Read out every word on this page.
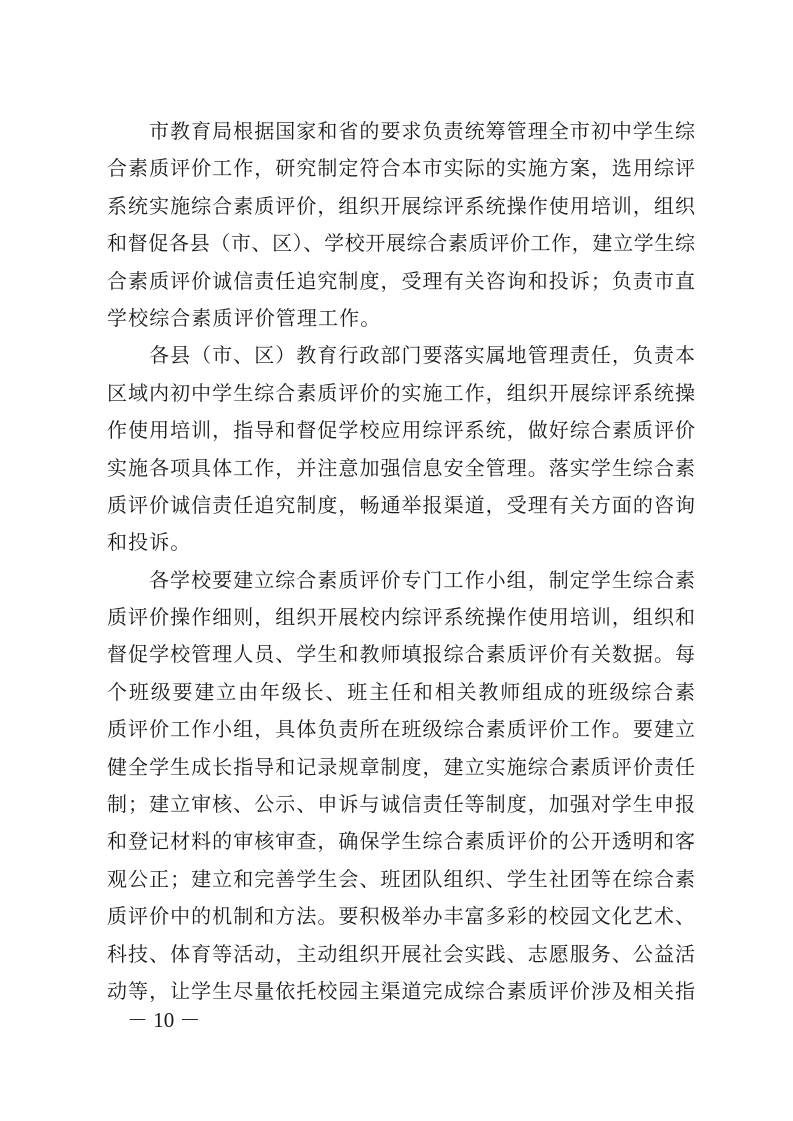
市教育局根据国家和省的要求负责统筹管理全市初中学生综
合素质评价工作，研究制定符合本市实际的实施方案，选用综评
系统实施综合素质评价，组织开展综评系统操作使用培训，组织
和督促各县（市、区）、学校开展综合素质评价工作，建立学生综
合素质评价诚信责任追究制度，受理有关咨询和投诉；负责市直
学校综合素质评价管理工作。
各县（市、区）教育行政部门要落实属地管理责任，负责本
区域内初中学生综合素质评价的实施工作，组织开展综评系统操
作使用培训，指导和督促学校应用综评系统，做好综合素质评价
实施各项具体工作，并注意加强信息安全管理。落实学生综合素
质评价诚信责任追究制度，畅通举报渠道，受理有关方面的咨询
和投诉。
各学校要建立综合素质评价专门工作小组，制定学生综合素
质评价操作细则，组织开展校内综评系统操作使用培训，组织和
督促学校管理人员、学生和教师填报综合素质评价有关数据。每
个班级要建立由年级长、班主任和相关教师组成的班级综合素
质评价工作小组，具体负责所在班级综合素质评价工作。要建立
健全学生成长指导和记录规章制度，建立实施综合素质评价责任
制；建立审核、公示、申诉与诚信责任等制度，加强对学生申报
和登记材料的审核审查，确保学生综合素质评价的公开透明和客
观公正；建立和完善学生会、班团队组织、学生社团等在综合素
质评价中的机制和方法。要积极举办丰富多彩的校园文化艺术、
科技、体育等活动，主动组织开展社会实践、志愿服务、公益活
动等，让学生尽量依托校园主渠道完成综合素质评价涉及相关指
－ 10 －
